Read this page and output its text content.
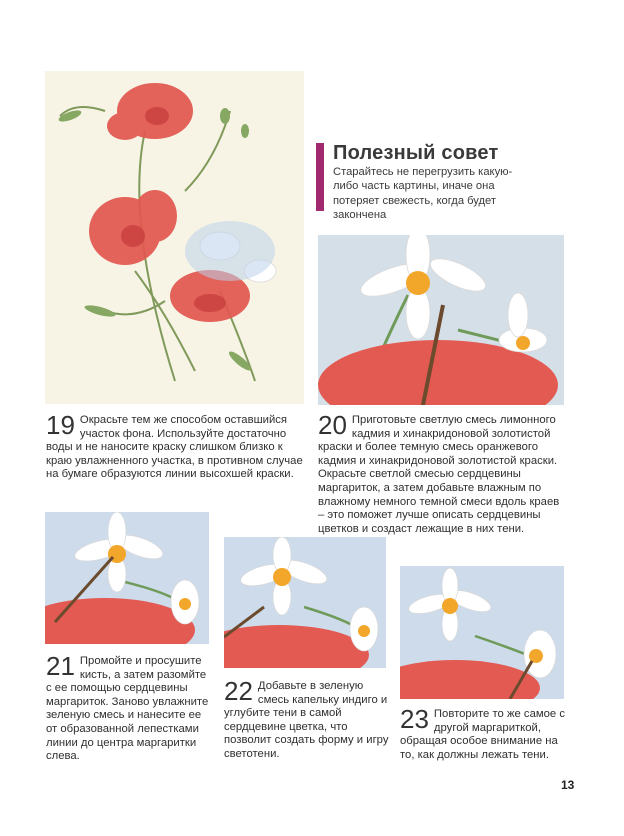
Полезный совет
Старайтесь не перегрузить какую-либо часть картины, иначе она потеряет свежесть, когда будет закончена
19 Окрасьте тем же способом оставшийся участок фона. Используйте достаточно воды и не наносите краску слишком близко к краю увлажненного участка, в противном случае на бумаге образуются линии высохшей краски.
20 Приготовьте светлую смесь лимонного кадмия и хинакридоновой золотистой краски и более темную смесь оранжевого кадмия и хинакридоновой золотистой краски. Окрасьте светлой смесью сердцевины маргариток, а затем добавьте влажным по влажному немного темной смеси вдоль краев – это поможет лучше описать сердцевины цветков и создаст лежащие в них тени.
21 Промойте и просушите кисть, а затем разомйте с ее помощью сердцевины маргариток. Заново увлажните зеленую смесь и нанесите ее от образованной лепестками линии до центра маргаритки слева.
22 Добавьте в зеленую смесь капельку индиго и углубите тени в самой сердцевине цветка, что позволит создать форму и игру светотени.
23 Повторите то же самое с другой маргариткой, обращая особое внимание на то, как должны лежать тени.
13
